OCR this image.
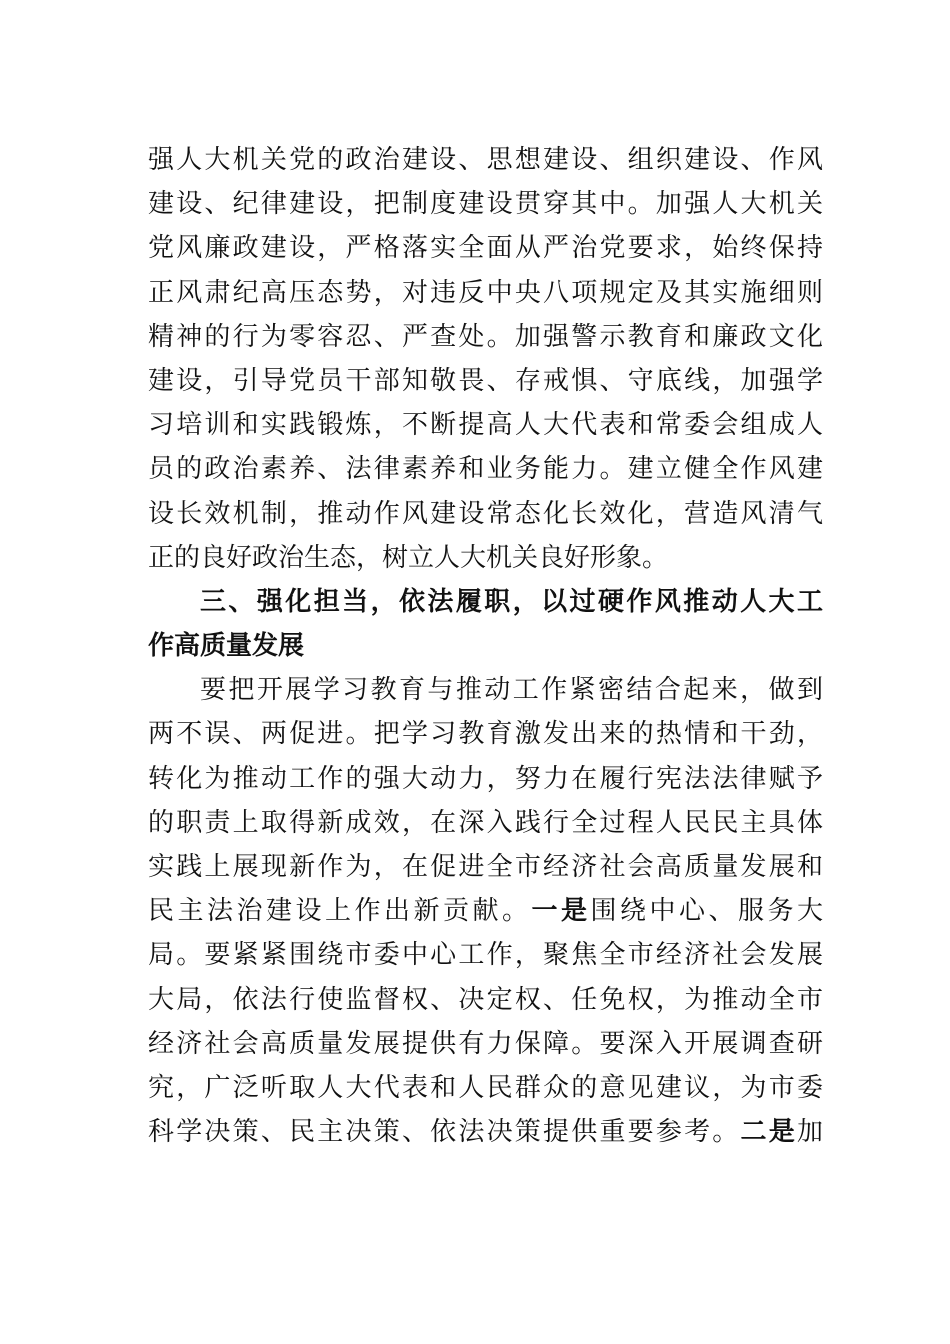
强人大机关党的政治建设、思想建设、组织建设、作风
建设、纪律建设，把制度建设贯穿其中。加强人大机关
党风廉政建设，严格落实全面从严治党要求，始终保持
正风肃纪高压态势，对违反中央八项规定及其实施细则
精神的行为零容忍、严查处。加强警示教育和廉政文化
建设，引导党员干部知敬畏、存戒惧、守底线，加强学
习培训和实践锻炼，不断提高人大代表和常委会组成人
员的政治素养、法律素养和业务能力。建立健全作风建
设长效机制，推动作风建设常态化长效化，营造风清气
正的良好政治生态，树立人大机关良好形象。
三、强化担当，依法履职，以过硬作风推动人大工
作高质量发展
要把开展学习教育与推动工作紧密结合起来，做到
两不误、两促进。把学习教育激发出来的热情和干劲，
转化为推动工作的强大动力，努力在履行宪法法律赋予
的职责上取得新成效，在深入践行全过程人民民主具体
实践上展现新作为，在促进全市经济社会高质量发展和
民主法治建设上作出新贡献。一是围绕中心、服务大
局。要紧紧围绕市委中心工作，聚焦全市经济社会发展
大局，依法行使监督权、决定权、任免权，为推动全市
经济社会高质量发展提供有力保障。要深入开展调查研
究，广泛听取人大代表和人民群众的意见建议，为市委
科学决策、民主决策、依法决策提供重要参考。二是加
